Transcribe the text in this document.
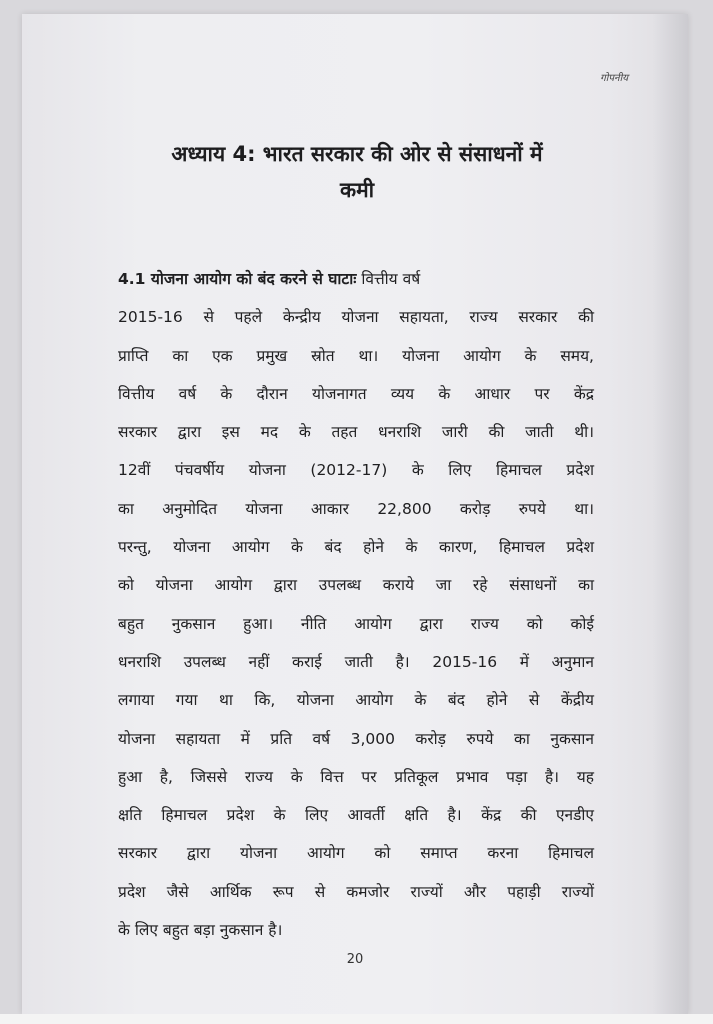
गोपनीय
अध्याय 4: भारत सरकार की ओर से संसाधनों में
कमी
4.1 योजना आयोग को बंद करने से घाटाः वित्तीय वर्ष
2015-16 से पहले केन्द्रीय योजना सहायता, राज्य सरकार की
प्राप्ति का एक प्रमुख स्रोत था। योजना आयोग के समय,
वित्तीय वर्ष के दौरान योजनागत व्यय के आधार पर केंद्र
सरकार द्वारा इस मद के तहत धनराशि जारी की जाती थी।
12वीं पंचवर्षीय योजना (2012-17) के लिए हिमाचल प्रदेश
का अनुमोदित योजना आकार 22,800 करोड़ रुपये था।
परन्तु, योजना आयोग के बंद होने के कारण, हिमाचल प्रदेश
को योजना आयोग द्वारा उपलब्ध कराये जा रहे संसाधनों का
बहुत नुकसान हुआ। नीति आयोग द्वारा राज्य को कोई
धनराशि उपलब्ध नहीं कराई जाती है। 2015-16 में अनुमान
लगाया गया था कि, योजना आयोग के बंद होने से केंद्रीय
योजना सहायता में प्रति वर्ष 3,000 करोड़ रुपये का नुकसान
हुआ है, जिससे राज्य के वित्त पर प्रतिकूल प्रभाव पड़ा है। यह
क्षति हिमाचल प्रदेश के लिए आवर्ती क्षति है। केंद्र की एनडीए
सरकार द्वारा योजना आयोग को समाप्त करना हिमाचल
प्रदेश जैसे आर्थिक रूप से कमजोर राज्यों और पहाड़ी राज्यों
के लिए बहुत बड़ा नुकसान है।
20
